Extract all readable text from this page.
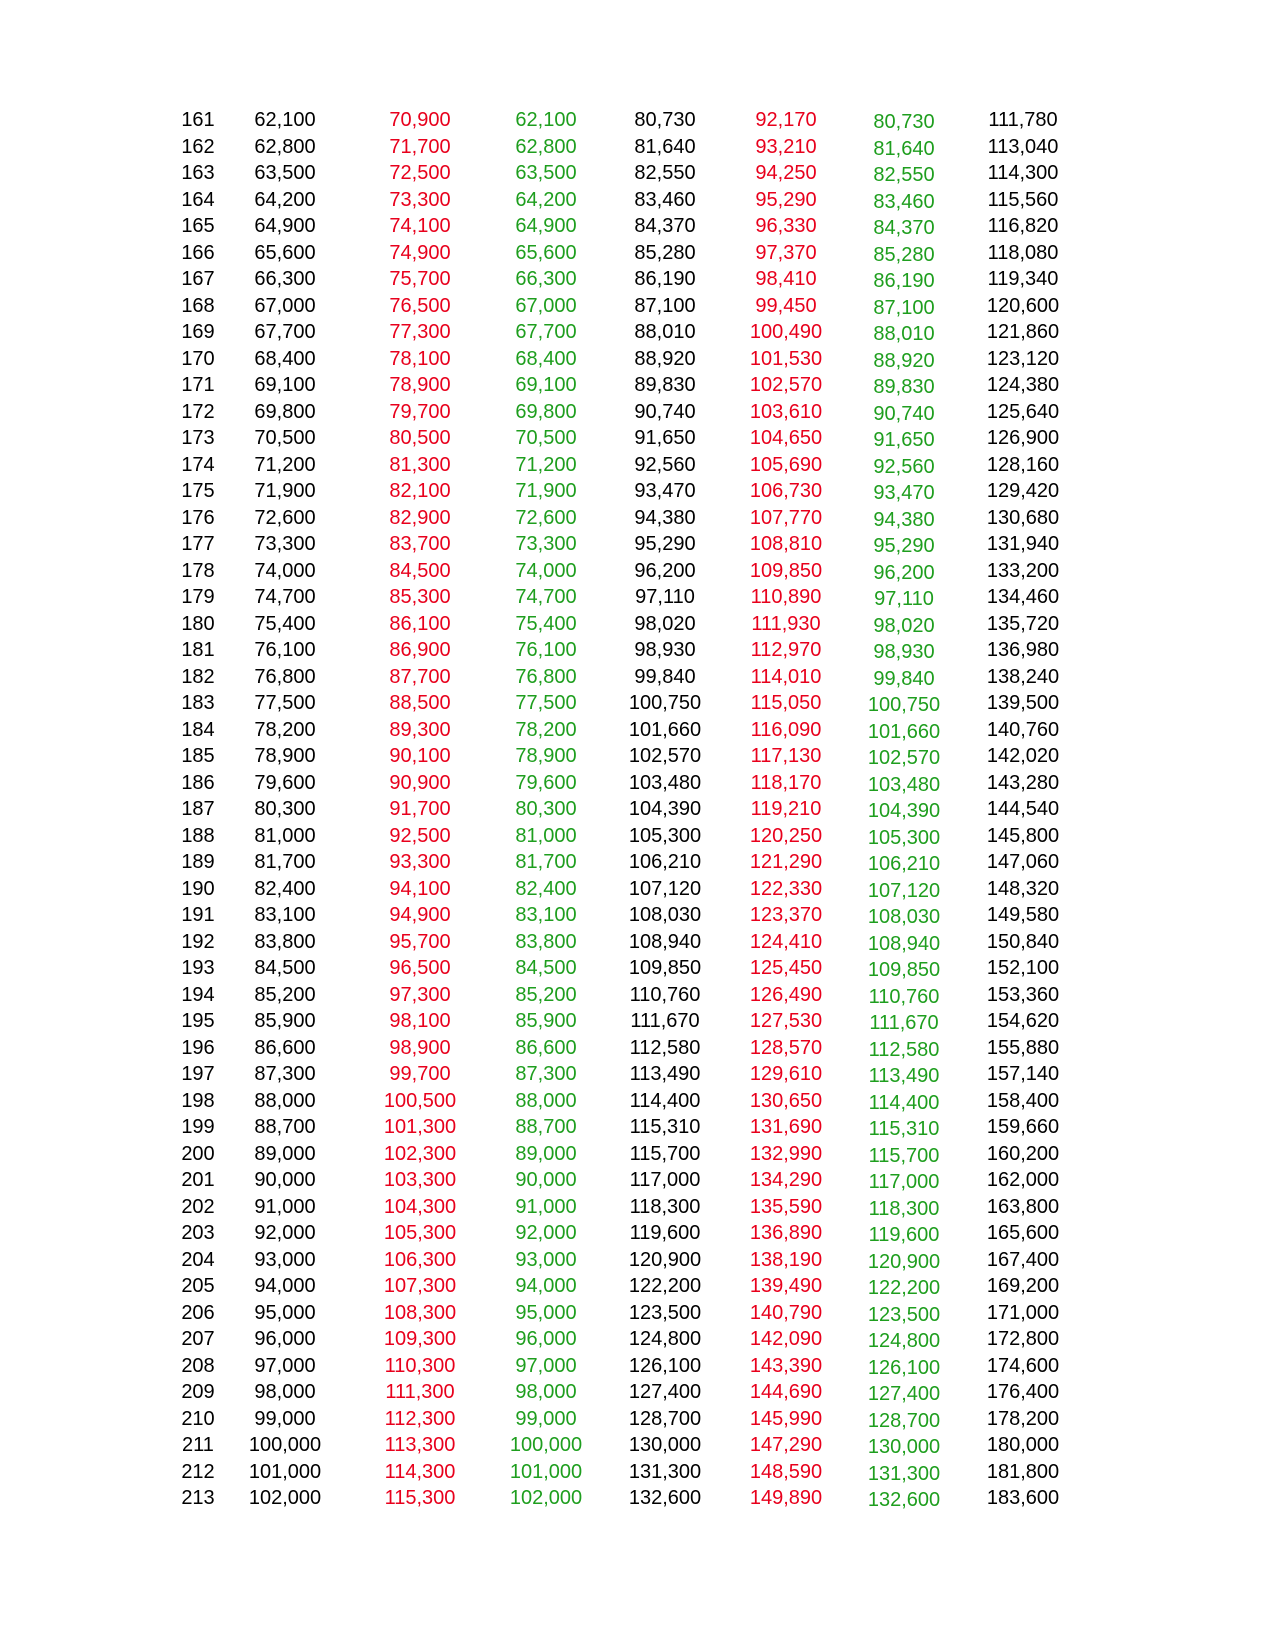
161	62,100	70,900	62,100	80,730	92,170	80,730	111,780
162	62,800	71,700	62,800	81,640	93,210	81,640	113,040
163	63,500	72,500	63,500	82,550	94,250	82,550	114,300
164	64,200	73,300	64,200	83,460	95,290	83,460	115,560
165	64,900	74,100	64,900	84,370	96,330	84,370	116,820
166	65,600	74,900	65,600	85,280	97,370	85,280	118,080
167	66,300	75,700	66,300	86,190	98,410	86,190	119,340
168	67,000	76,500	67,000	87,100	99,450	87,100	120,600
169	67,700	77,300	67,700	88,010	100,490	88,010	121,860
170	68,400	78,100	68,400	88,920	101,530	88,920	123,120
171	69,100	78,900	69,100	89,830	102,570	89,830	124,380
172	69,800	79,700	69,800	90,740	103,610	90,740	125,640
173	70,500	80,500	70,500	91,650	104,650	91,650	126,900
174	71,200	81,300	71,200	92,560	105,690	92,560	128,160
175	71,900	82,100	71,900	93,470	106,730	93,470	129,420
176	72,600	82,900	72,600	94,380	107,770	94,380	130,680
177	73,300	83,700	73,300	95,290	108,810	95,290	131,940
178	74,000	84,500	74,000	96,200	109,850	96,200	133,200
179	74,700	85,300	74,700	97,110	110,890	97,110	134,460
180	75,400	86,100	75,400	98,020	111,930	98,020	135,720
181	76,100	86,900	76,100	98,930	112,970	98,930	136,980
182	76,800	87,700	76,800	99,840	114,010	99,840	138,240
183	77,500	88,500	77,500	100,750	115,050	100,750	139,500
184	78,200	89,300	78,200	101,660	116,090	101,660	140,760
185	78,900	90,100	78,900	102,570	117,130	102,570	142,020
186	79,600	90,900	79,600	103,480	118,170	103,480	143,280
187	80,300	91,700	80,300	104,390	119,210	104,390	144,540
188	81,000	92,500	81,000	105,300	120,250	105,300	145,800
189	81,700	93,300	81,700	106,210	121,290	106,210	147,060
190	82,400	94,100	82,400	107,120	122,330	107,120	148,320
191	83,100	94,900	83,100	108,030	123,370	108,030	149,580
192	83,800	95,700	83,800	108,940	124,410	108,940	150,840
193	84,500	96,500	84,500	109,850	125,450	109,850	152,100
194	85,200	97,300	85,200	110,760	126,490	110,760	153,360
195	85,900	98,100	85,900	111,670	127,530	111,670	154,620
196	86,600	98,900	86,600	112,580	128,570	112,580	155,880
197	87,300	99,700	87,300	113,490	129,610	113,490	157,140
198	88,000	100,500	88,000	114,400	130,650	114,400	158,400
199	88,700	101,300	88,700	115,310	131,690	115,310	159,660
200	89,000	102,300	89,000	115,700	132,990	115,700	160,200
201	90,000	103,300	90,000	117,000	134,290	117,000	162,000
202	91,000	104,300	91,000	118,300	135,590	118,300	163,800
203	92,000	105,300	92,000	119,600	136,890	119,600	165,600
204	93,000	106,300	93,000	120,900	138,190	120,900	167,400
205	94,000	107,300	94,000	122,200	139,490	122,200	169,200
206	95,000	108,300	95,000	123,500	140,790	123,500	171,000
207	96,000	109,300	96,000	124,800	142,090	124,800	172,800
208	97,000	110,300	97,000	126,100	143,390	126,100	174,600
209	98,000	111,300	98,000	127,400	144,690	127,400	176,400
210	99,000	112,300	99,000	128,700	145,990	128,700	178,200
211	100,000	113,300	100,000	130,000	147,290	130,000	180,000
212	101,000	114,300	101,000	131,300	148,590	131,300	181,800
213	102,000	115,300	102,000	132,600	149,890	132,600	183,600
